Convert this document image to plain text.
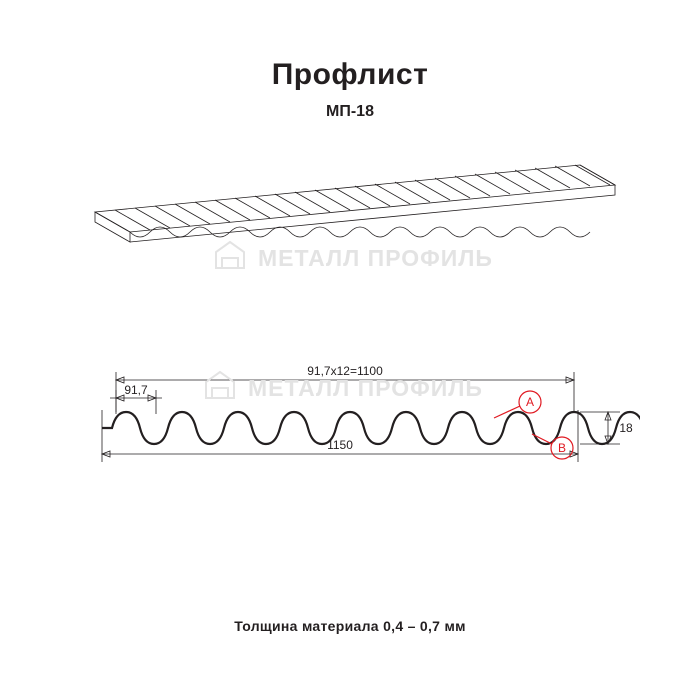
Профлист
МП-18
МЕТАЛЛ ПРОФИЛЬ
1150
91,7х12=1100
91,7
18
A
B
МЕТАЛЛ ПРОФИЛЬ
Толщина материала 0,4 – 0,7 мм
